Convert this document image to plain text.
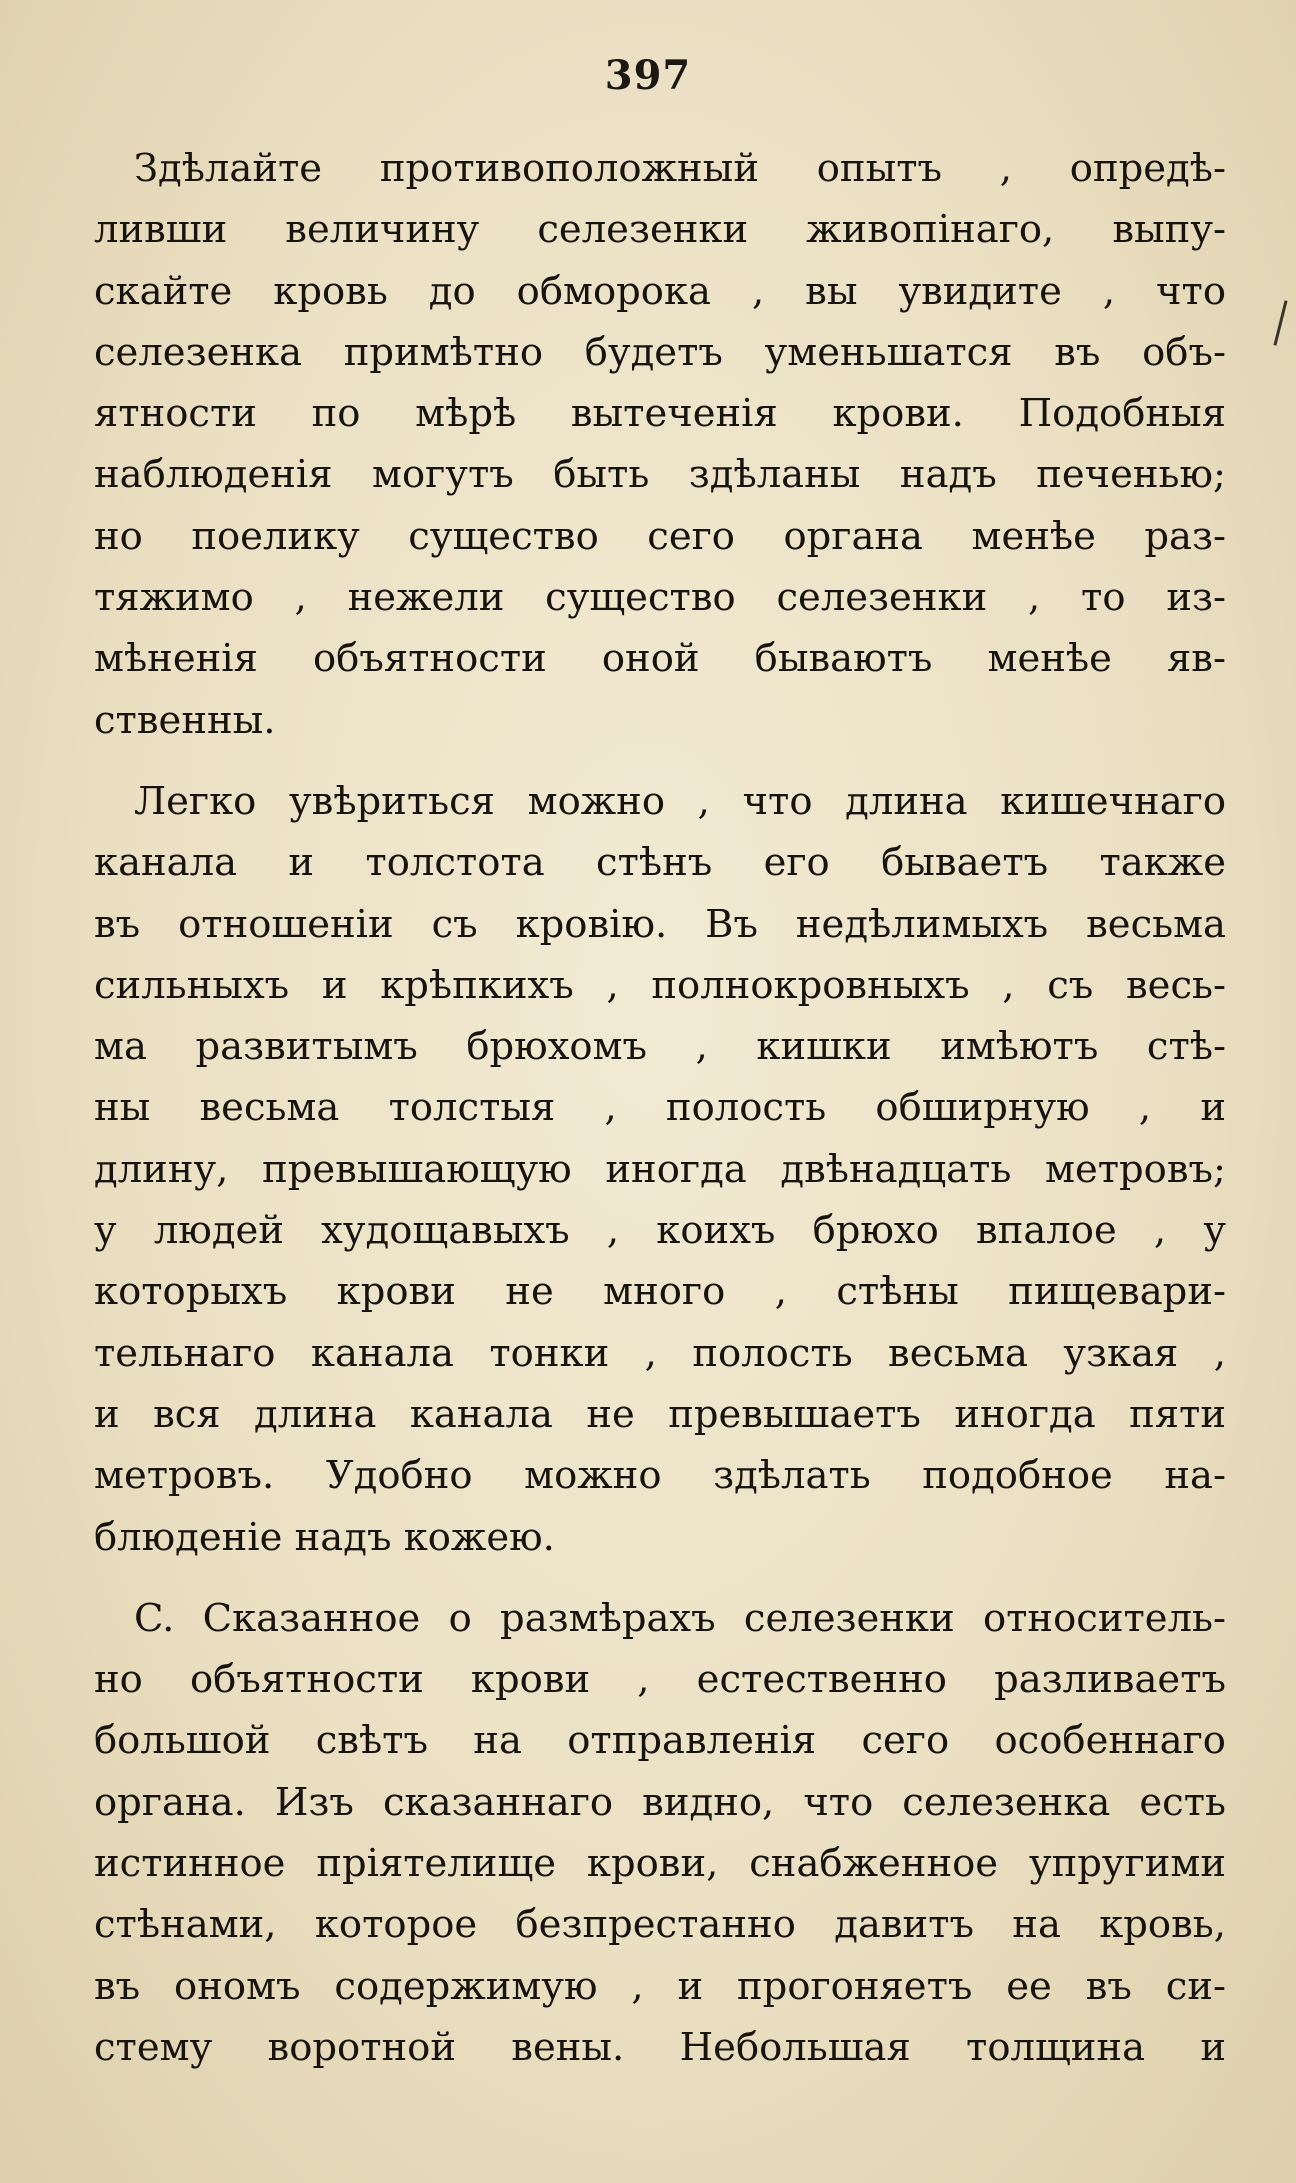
397
Здѣлайте противоположный опытъ , опредѣ-
ливши величину селезенки живопінаго, выпу-
скайте кровь до обморока , вы увидите , что
селезенка примѣтно будетъ уменьшатся въ объ-
ятности по мѣрѣ вытеченія крови. Подобныя
наблюденія могутъ быть здѣланы надъ печенью;
но поелику существо сего органа менѣе раз-
тяжимо , нежели существо селезенки , то из-
мѣненія объятности оной бываютъ менѣе яв-
ственны.
Легко увѣриться можно , что длина кишечнаго
канала и толстота стѣнъ его бываетъ также
въ отношеніи съ кровію. Въ недѣлимыхъ весьма
сильныхъ и крѣпкихъ , полнокровныхъ , съ весь-
ма развитымъ брюхомъ , кишки имѣютъ стѣ-
ны весьма толстыя , полость обширную , и
длину, превышающую иногда двѣнадцать метровъ;
у людей худощавыхъ , коихъ брюхо впалое , у
которыхъ крови не много , стѣны пищевари-
тельнаго канала тонки , полость весьма узкая ,
и вся длина канала не превышаетъ иногда пяти
метровъ. Удобно можно здѣлать подобное на-
блюденіе надъ кожею.
C. Сказанное о размѣрахъ селезенки относитель-
но объятности крови , естественно разливаетъ
большой свѣтъ на отправленія сего особеннаго
органа. Изъ сказаннаго видно, что селезенка есть
истинное пріятелище крови, снабженное упругими
стѣнами, которое безпрестанно давитъ на кровь,
въ ономъ содержимую , и прогоняетъ ее въ си-
стему воротной вены. Небольшая толщина и
